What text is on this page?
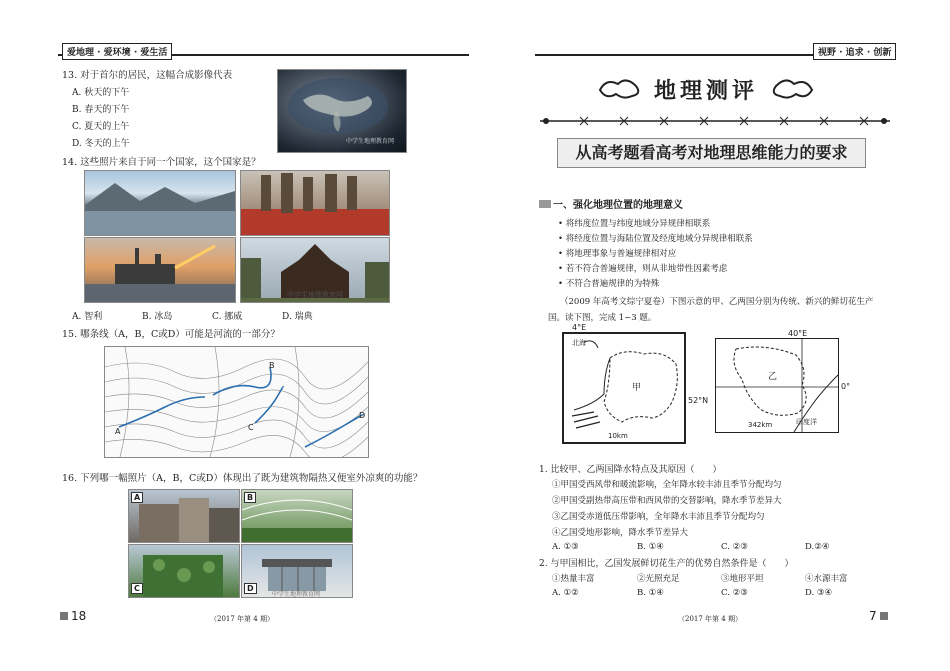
爱地理 · 爱环境 · 爱生活
13. 对于首尔的居民，这幅合成影像代表
A. 秋天的下午
B. 春天的下午
C. 夏天的上午
D. 冬天的上午	中学生地理教育网
14. 这些照片来自于同一个国家，这个国家是？
中学生地理教育网
A. 智利	B. 冰岛	C. 挪威	D. 瑞典
15. 哪条线（A，B，C或D）可能是河流的一部分？
A
B
C
D
16. 下列哪一幅照片（A，B，C或D）体现出了既为建筑物隔热又便室外凉爽的功能？
A	B
C	D
中学生地理教育网
18	（2017 年第 4 期）
视野 · 追求 · 创新
地理测评
从高考题看高考对地理思维能力的要求
一、强化地理位置的地理意义
• 将纬度位置与纬度地域分异规律相联系
• 将经度位置与海陆位置及经度地域分异规律相联系
• 将地理事象与普遍规律相对应
• 若不符合普遍规律，则从非地带性因素考虑
• 不符合普遍规律的为特殊
（2009 年高考文综宁夏卷）下图示意的甲、乙两国分别为传统、新兴的鲜切花生产国。读下图，完成 1~3 题。
北海
甲
10km
4°E
52°N
乙
印度洋
342km
40°E
0°
1. 比较甲、乙两国降水特点及其原因（　　）
①甲国受西风带和暖流影响，全年降水较丰沛且季节分配均匀
②甲国受副热带高压带和西风带的交替影响，降水季节差异大
③乙国受赤道低压带影响，全年降水丰沛且季节分配均匀
④乙国受地形影响，降水季节差异大
A. ①③	B. ①④	C. ②③	D.②④
2. 与甲国相比，乙国发展鲜切花生产的优势自然条件是（　　）
①热量丰富	②光照充足	③地形平坦	④水源丰富
A. ①②	B. ①④	C. ②③	D. ③④
（2017 年第 4 期）	7
